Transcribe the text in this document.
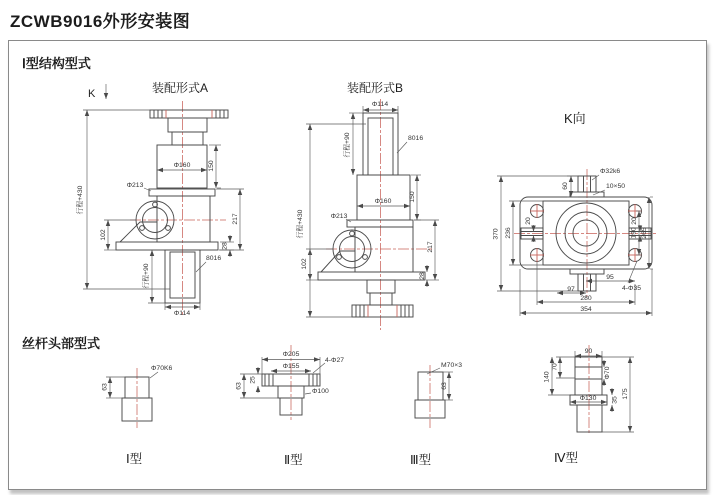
ZCWB9016外形安装图
Ⅰ型结构型式
装配形式A	装配形式B
K向
丝杆头部型式
Ⅰ型	Ⅱ型	Ⅲ型	Ⅳ型
K
Φ160	150
Φ213
28
217
102
行程+90
8016
Φ114
行程+430
Φ114
行程+90	8016
Φ160	150
Φ213
102
217
28
行程+430
Φ32k6
10×50
60
20	20
370 236	190 265
95
97
280
354
4-Φ35
Φ70K6
63
Φ205
Φ155
4-Φ27
25
63
Φ100
M70×3
63
90
70
140	Φ70
175
Φ130 35
